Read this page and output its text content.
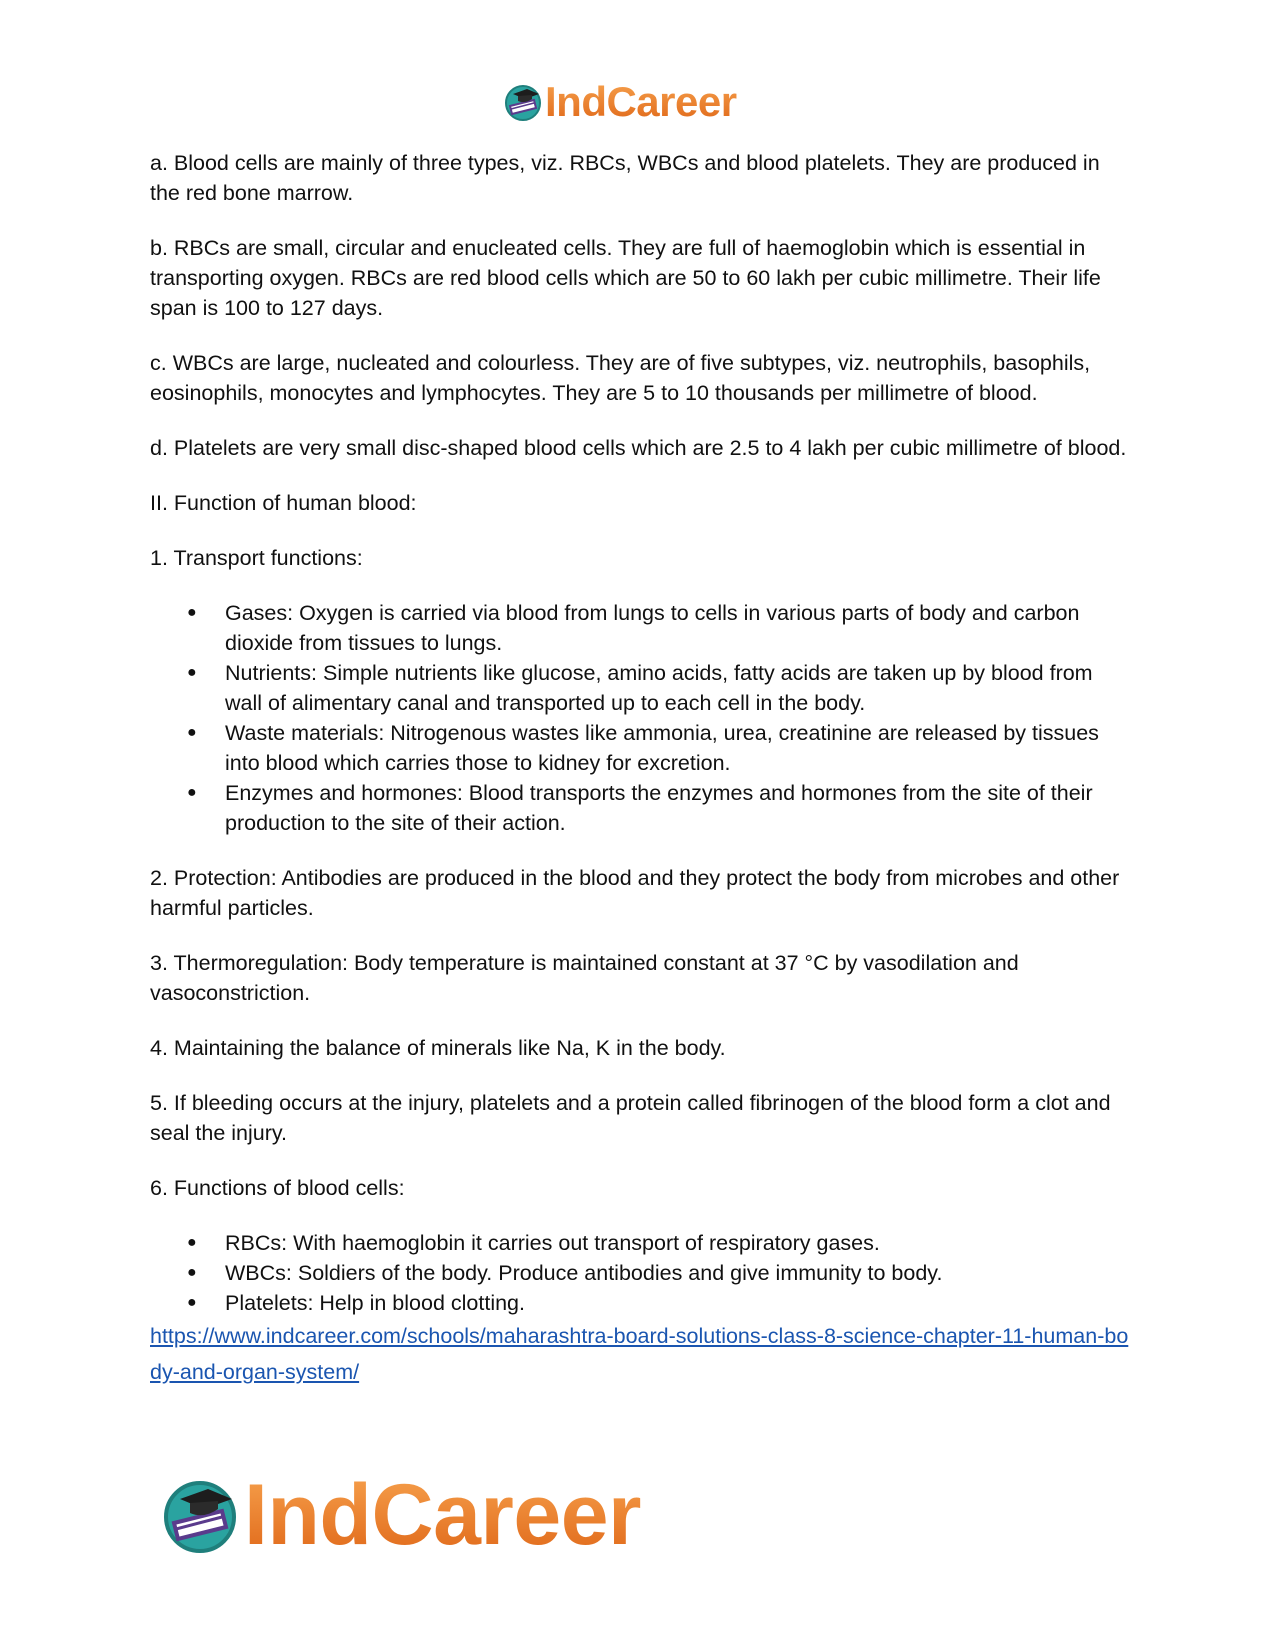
IndCareer

a. Blood cells are mainly of three types, viz. RBCs, WBCs and blood platelets. They are produced in the red bone marrow.

b. RBCs are small, circular and enucleated cells. They are full of haemoglobin which is essential in transporting oxygen. RBCs are red blood cells which are 50 to 60 lakh per cubic millimetre. Their life span is 100 to 127 days.

c. WBCs are large, nucleated and colourless. They are of five subtypes, viz. neutrophils, basophils, eosinophils, monocytes and lymphocytes. They are 5 to 10 thousands per millimetre of blood.

d. Platelets are very small disc-shaped blood cells which are 2.5 to 4 lakh per cubic millimetre of blood.

II. Function of human blood:

1. Transport functions:

● Gases: Oxygen is carried via blood from lungs to cells in various parts of body and carbon dioxide from tissues to lungs.
● Nutrients: Simple nutrients like glucose, amino acids, fatty acids are taken up by blood from wall of alimentary canal and transported up to each cell in the body.
● Waste materials: Nitrogenous wastes like ammonia, urea, creatinine are released by tissues into blood which carries those to kidney for excretion.
● Enzymes and hormones: Blood transports the enzymes and hormones from the site of their production to the site of their action.

2. Protection: Antibodies are produced in the blood and they protect the body from microbes and other harmful particles.

3. Thermoregulation: Body temperature is maintained constant at 37 °C by vasodilation and vasoconstriction.

4. Maintaining the balance of minerals like Na, K in the body.

5. If bleeding occurs at the injury, platelets and a protein called fibrinogen of the blood form a clot and seal the injury.

6. Functions of blood cells:

● RBCs: With haemoglobin it carries out transport of respiratory gases.
● WBCs: Soldiers of the body. Produce antibodies and give immunity to body.
● Platelets: Help in blood clotting.
https://www.indcareer.com/schools/maharashtra-board-solutions-class-8-science-chapter-11-human-body-and-organ-system/
IndCareer
